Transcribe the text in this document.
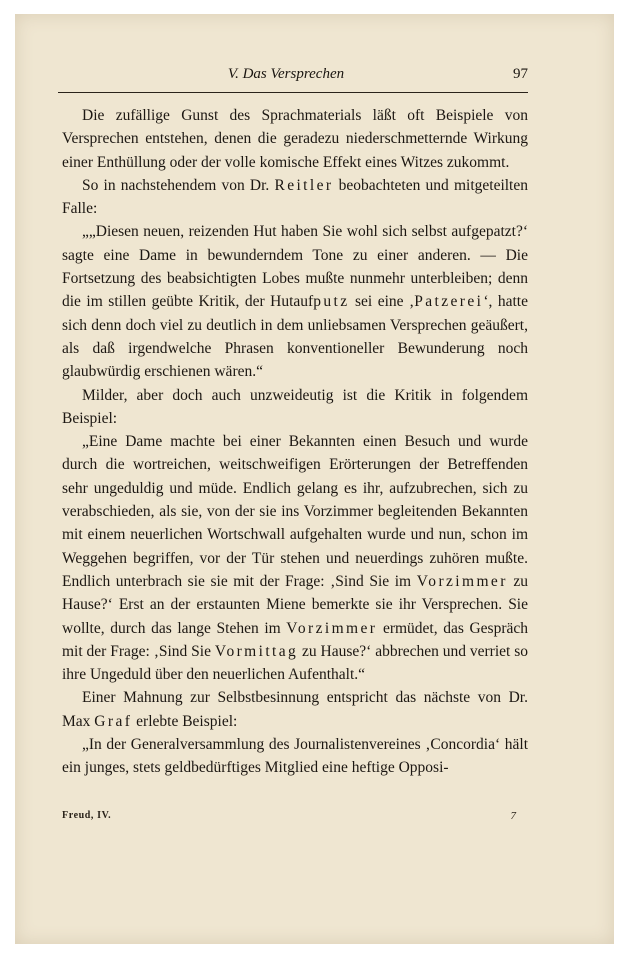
V. Das Versprechen	97

Die zufällige Gunst des Sprachmaterials läßt oft Beispiele von Versprechen entstehen, denen die geradezu niederschmetternde Wirkung einer Enthüllung oder der volle komische Effekt eines Witzes zukommt.

So in nachstehendem von Dr. Reitler beobachteten und mitgeteilten Falle:

„„Diesen neuen, reizenden Hut haben Sie wohl sich selbst aufgepatzt?‘ sagte eine Dame in bewunderndem Tone zu einer anderen. — Die Fortsetzung des beabsichtigten Lobes mußte nunmehr unterbleiben; denn die im stillen geübte Kritik, der Hutaufputz sei eine ‚Patzerei‘, hatte sich denn doch viel zu deutlich in dem unliebsamen Versprechen geäußert, als daß irgendwelche Phrasen konventioneller Bewunderung noch glaubwürdig erschienen wären.“

Milder, aber doch auch unzweideutig ist die Kritik in folgendem Beispiel:

„Eine Dame machte bei einer Bekannten einen Besuch und wurde durch die wortreichen, weitschweifigen Erörterungen der Betreffenden sehr ungeduldig und müde. Endlich gelang es ihr, aufzubrechen, sich zu verabschieden, als sie, von der sie ins Vorzimmer begleitenden Bekannten mit einem neuerlichen Wortschwall aufgehalten wurde und nun, schon im Weggehen begriffen, vor der Tür stehen und neuerdings zuhören mußte. Endlich unterbrach sie sie mit der Frage: ‚Sind Sie im Vorzimmer zu Hause?‘ Erst an der erstaunten Miene bemerkte sie ihr Versprechen. Sie wollte, durch das lange Stehen im Vorzimmer ermüdet, das Gespräch mit der Frage: ‚Sind Sie Vormittag zu Hause?‘ abbrechen und verriet so ihre Ungeduld über den neuerlichen Aufenthalt.“

Einer Mahnung zur Selbstbesinnung entspricht das nächste von Dr. Max Graf erlebte Beispiel:

„In der Generalversammlung des Journalistenvereines ‚Concordia‘ hält ein junges, stets geldbedürftiges Mitglied eine heftige Opposi-

Freud, IV.	7
